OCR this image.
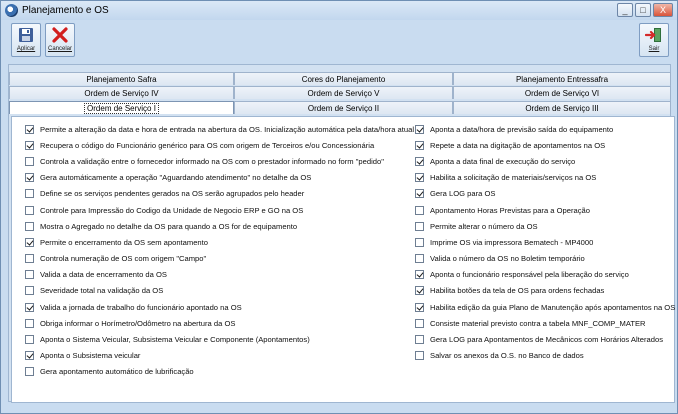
Planejamento e OS	_	□	X
Aplicar Cancelar	Sair
Planejamento Safra	Cores do Planejamento	Planejamento Entressafra
Ordem de Serviço IV	Ordem de Serviço V	Ordem de Serviço VI
Ordem de Serviço I	Ordem de Serviço II	Ordem de Serviço III
Permite a alteração da data e hora de entrada na abertura da OS. Inicialização automática pela data/hora atual
Recupera o código do Funcionário genérico para OS com origem de Terceiros e/ou Concessionária
Controla a validação entre o fornecedor informado na OS com o prestador informado no form "pedido"
Gera automáticamente a operação "Aguardando atendimento" no detalhe da OS
Define se os serviços pendentes gerados na OS serão agrupados pelo header
Controle para Impressão do Codigo da Unidade de Negocio ERP e GO na OS
Mostra o Agregado no detalhe da OS para quando a OS for de equipamento
Permite o encerramento da OS sem apontamento
Controla numeração de OS com origem "Campo"
Valida a data de encerramento da OS
Severidade total na validação da OS
Valida a jornada de trabalho do funcionário apontado na OS
Obriga informar o Horímetro/Odômetro na abertura da OS
Aponta o Sistema Veicular, Subsistema Veicular e Componente (Apontamentos)
Aponta o Subsistema veicular
Gera apontamento automático de lubrificação
Aponta a data/hora de previsão saída do equipamento
Repete a data na digitação de apontamentos na OS
Aponta a data final de execução do serviço
Habilita a solicitação de materiais/serviços na OS
Gera LOG para OS
Apontamento Horas Previstas para a Operação
Permite alterar o número da OS
Imprime OS via impressora Bematech - MP4000
Valida o número da OS no Boletim temporário
Aponta o funcionário responsável pela liberação do serviço
Habilita botões da tela de OS para ordens fechadas
Habilita edição da guia Plano de Manutenção após apontamentos na OS
Consiste material previsto contra a tabela MNF_COMP_MATER
Gera LOG para Apontamentos de Mecânicos com Horários Alterados
Salvar os anexos da O.S. no Banco de dados
